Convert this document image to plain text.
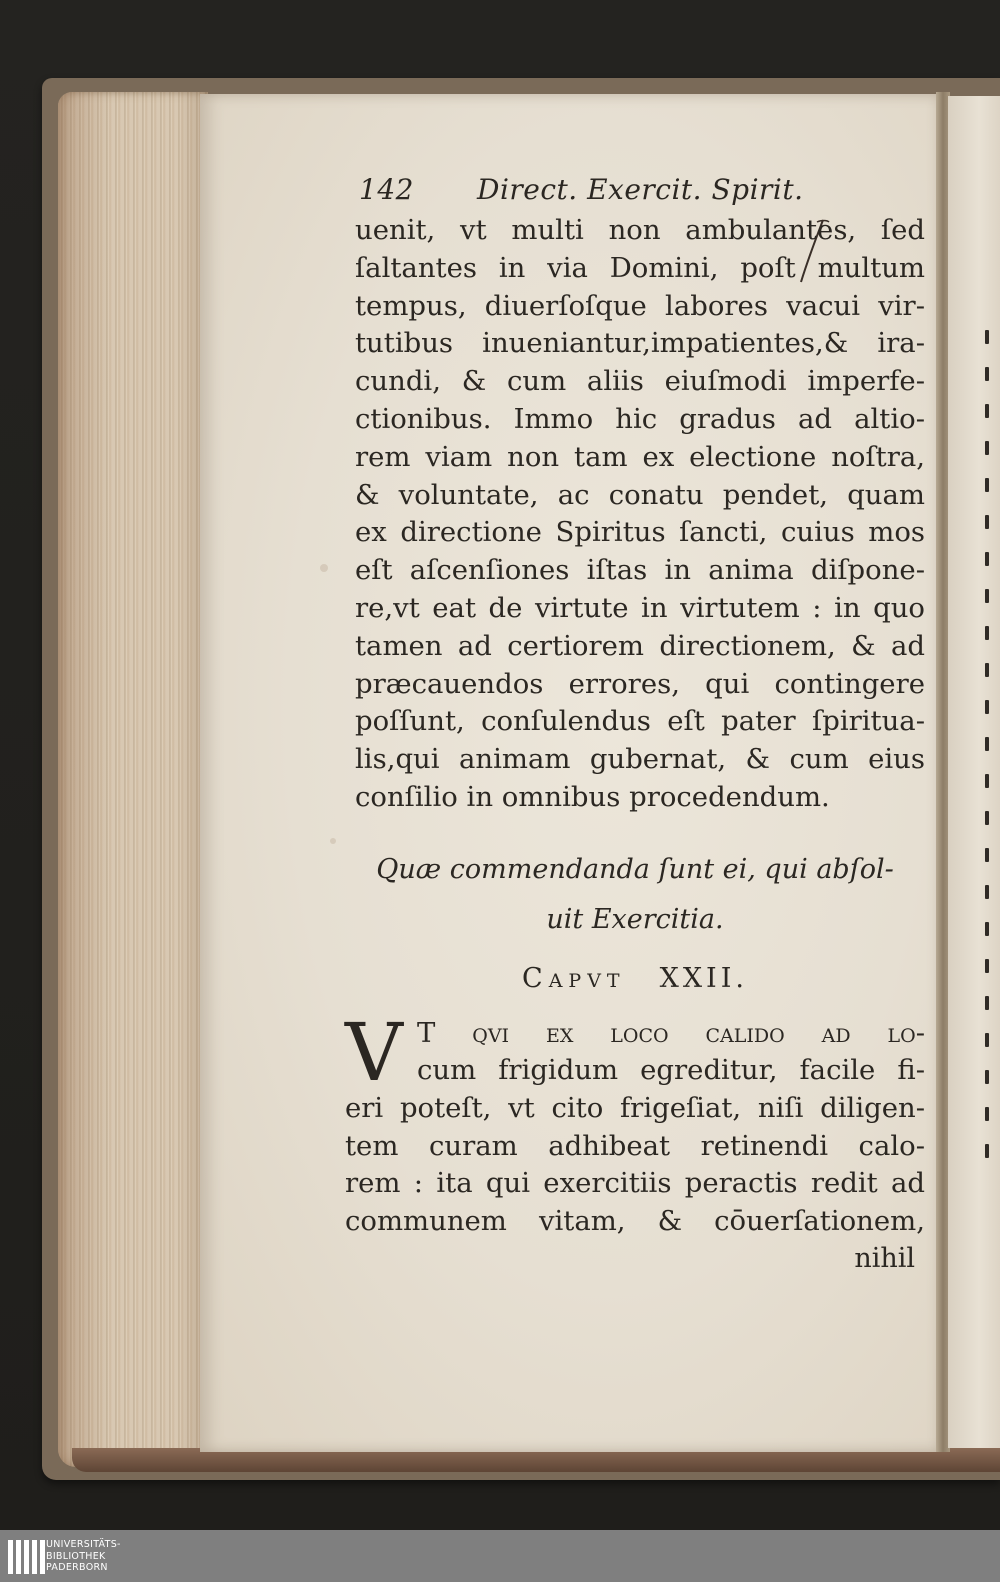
142 Direct. Exercit. Spirit.
uenit, vt multi non ambulantes, ſed
ſaltantes in via Domini, poſt multum
tempus, diuerſoſque labores vacui vir-
tutibus inueniantur,impatientes,& ira-
cundi, & cum aliis eiuſmodi imperfe-
ctionibus. Immo hic gradus ad altio-
rem viam non tam ex electione noſtra,
& voluntate, ac conatu pendet, quam
ex directione Spiritus ſancti, cuius mos
eſt aſcenſiones iſtas in anima diſpone-
re,vt eat de virtute in virtutem : in quo
tamen ad certiorem directionem, & ad
præcauendos errores, qui contingere
poſſunt, conſulendus eſt pater ſpiritua-
lis,qui animam gubernat, & cum eius
conſilio in omnibus procedendum.
Quæ commendanda ſunt ei, qui abſol-
uit Exercitia.
Capvt XXII.
V T qvi ex loco calido ad lo-
cum frigidum egreditur, facile fi-
eri poteſt, vt cito frigeſiat, niſi diligen-
tem curam adhibeat retinendi calo-
rem : ita qui exercitiis peractis redit ad
communem vitam, & cōuerſationem,
nihil
UNIVERSITÄTS-
BIBLIOTHEK
PADERBORN
